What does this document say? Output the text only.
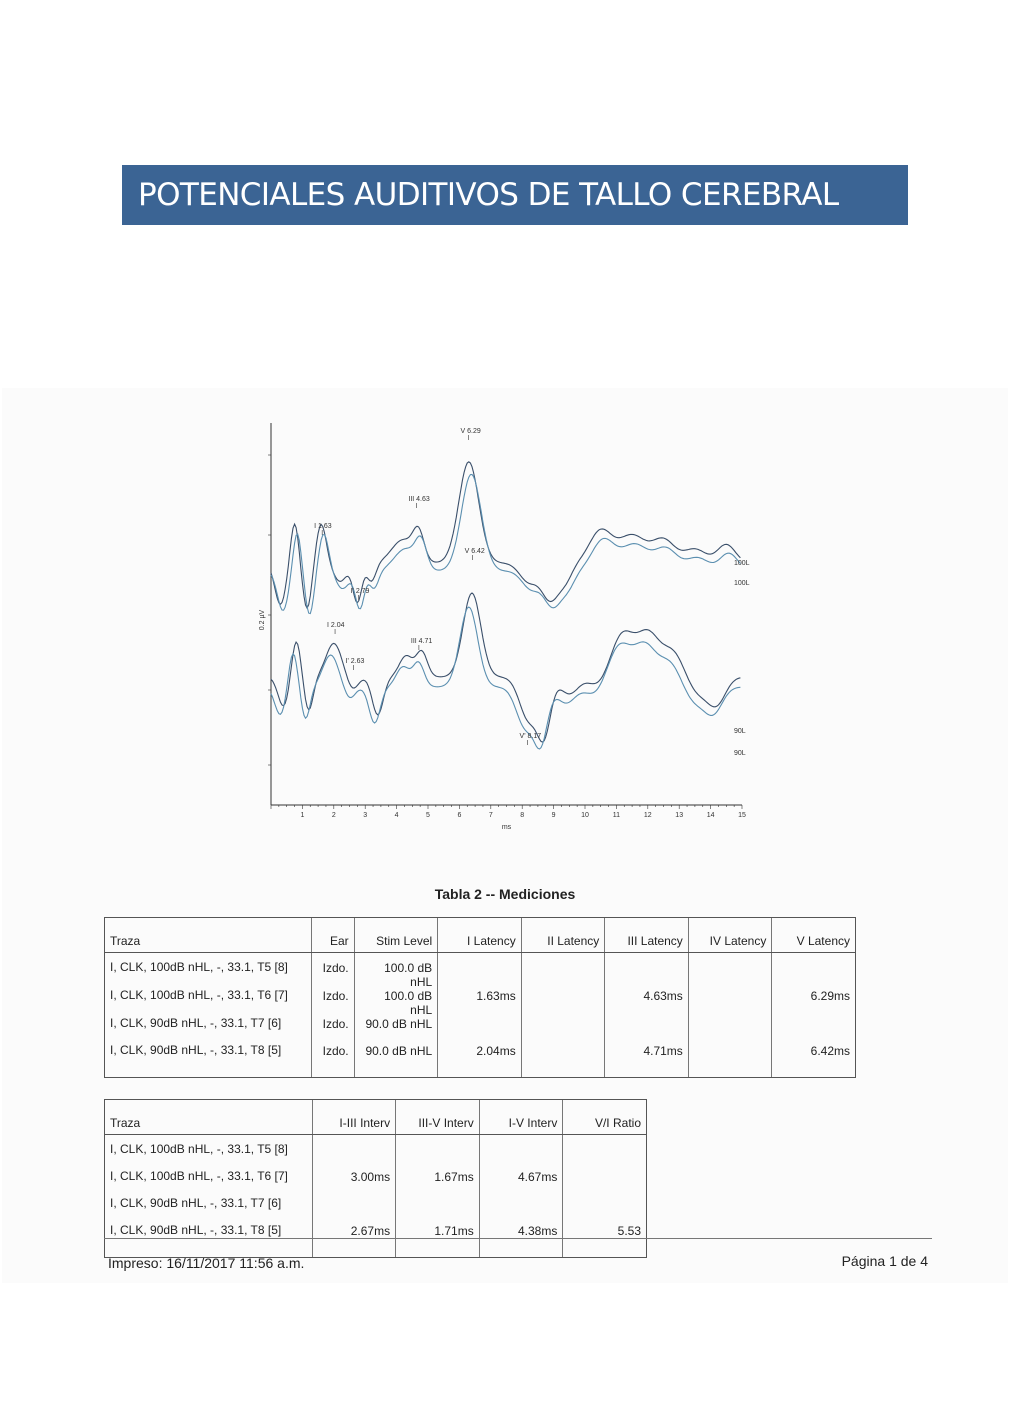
POTENCIALES AUDITIVOS DE TALLO CEREBRAL
1	2	3	4	5	6	7	8	9	10	11	12	13	14	15
ms
0.2 µV
100L
100L
90L
90L
V 6.29
III 4.63
I 1.63
I' 2.79
V 6.42
I 2.04
III 4.71
I' 2.63
V' 8.17
Tabla 2 -- Mediciones
Traza	Ear	Stim Level	I Latency	II Latency	III Latency	IV Latency	V Latency
I, CLK, 100dB nHL, -, 33.1, T5 [8]	Izdo.	100.0 dB nHL					
I, CLK, 100dB nHL, -, 33.1, T6 [7]	Izdo.	100.0 dB nHL	1.63ms		4.63ms		6.29ms
I, CLK, 90dB nHL, -, 33.1, T7 [6]	Izdo.	90.0 dB nHL					
I, CLK, 90dB nHL, -, 33.1, T8 [5]	Izdo.	90.0 dB nHL	2.04ms		4.71ms		6.42ms
Traza	I-III Interv	III-V Interv	I-V Interv	V/I Ratio
I, CLK, 100dB nHL, -, 33.1, T5 [8]				
I, CLK, 100dB nHL, -, 33.1, T6 [7]	3.00ms	1.67ms	4.67ms	
I, CLK, 90dB nHL, -, 33.1, T7 [6]				
I, CLK, 90dB nHL, -, 33.1, T8 [5]	2.67ms	1.71ms	4.38ms	5.53
Impreso: 16/11/2017 11:56 a.m.	Página 1 de 4
